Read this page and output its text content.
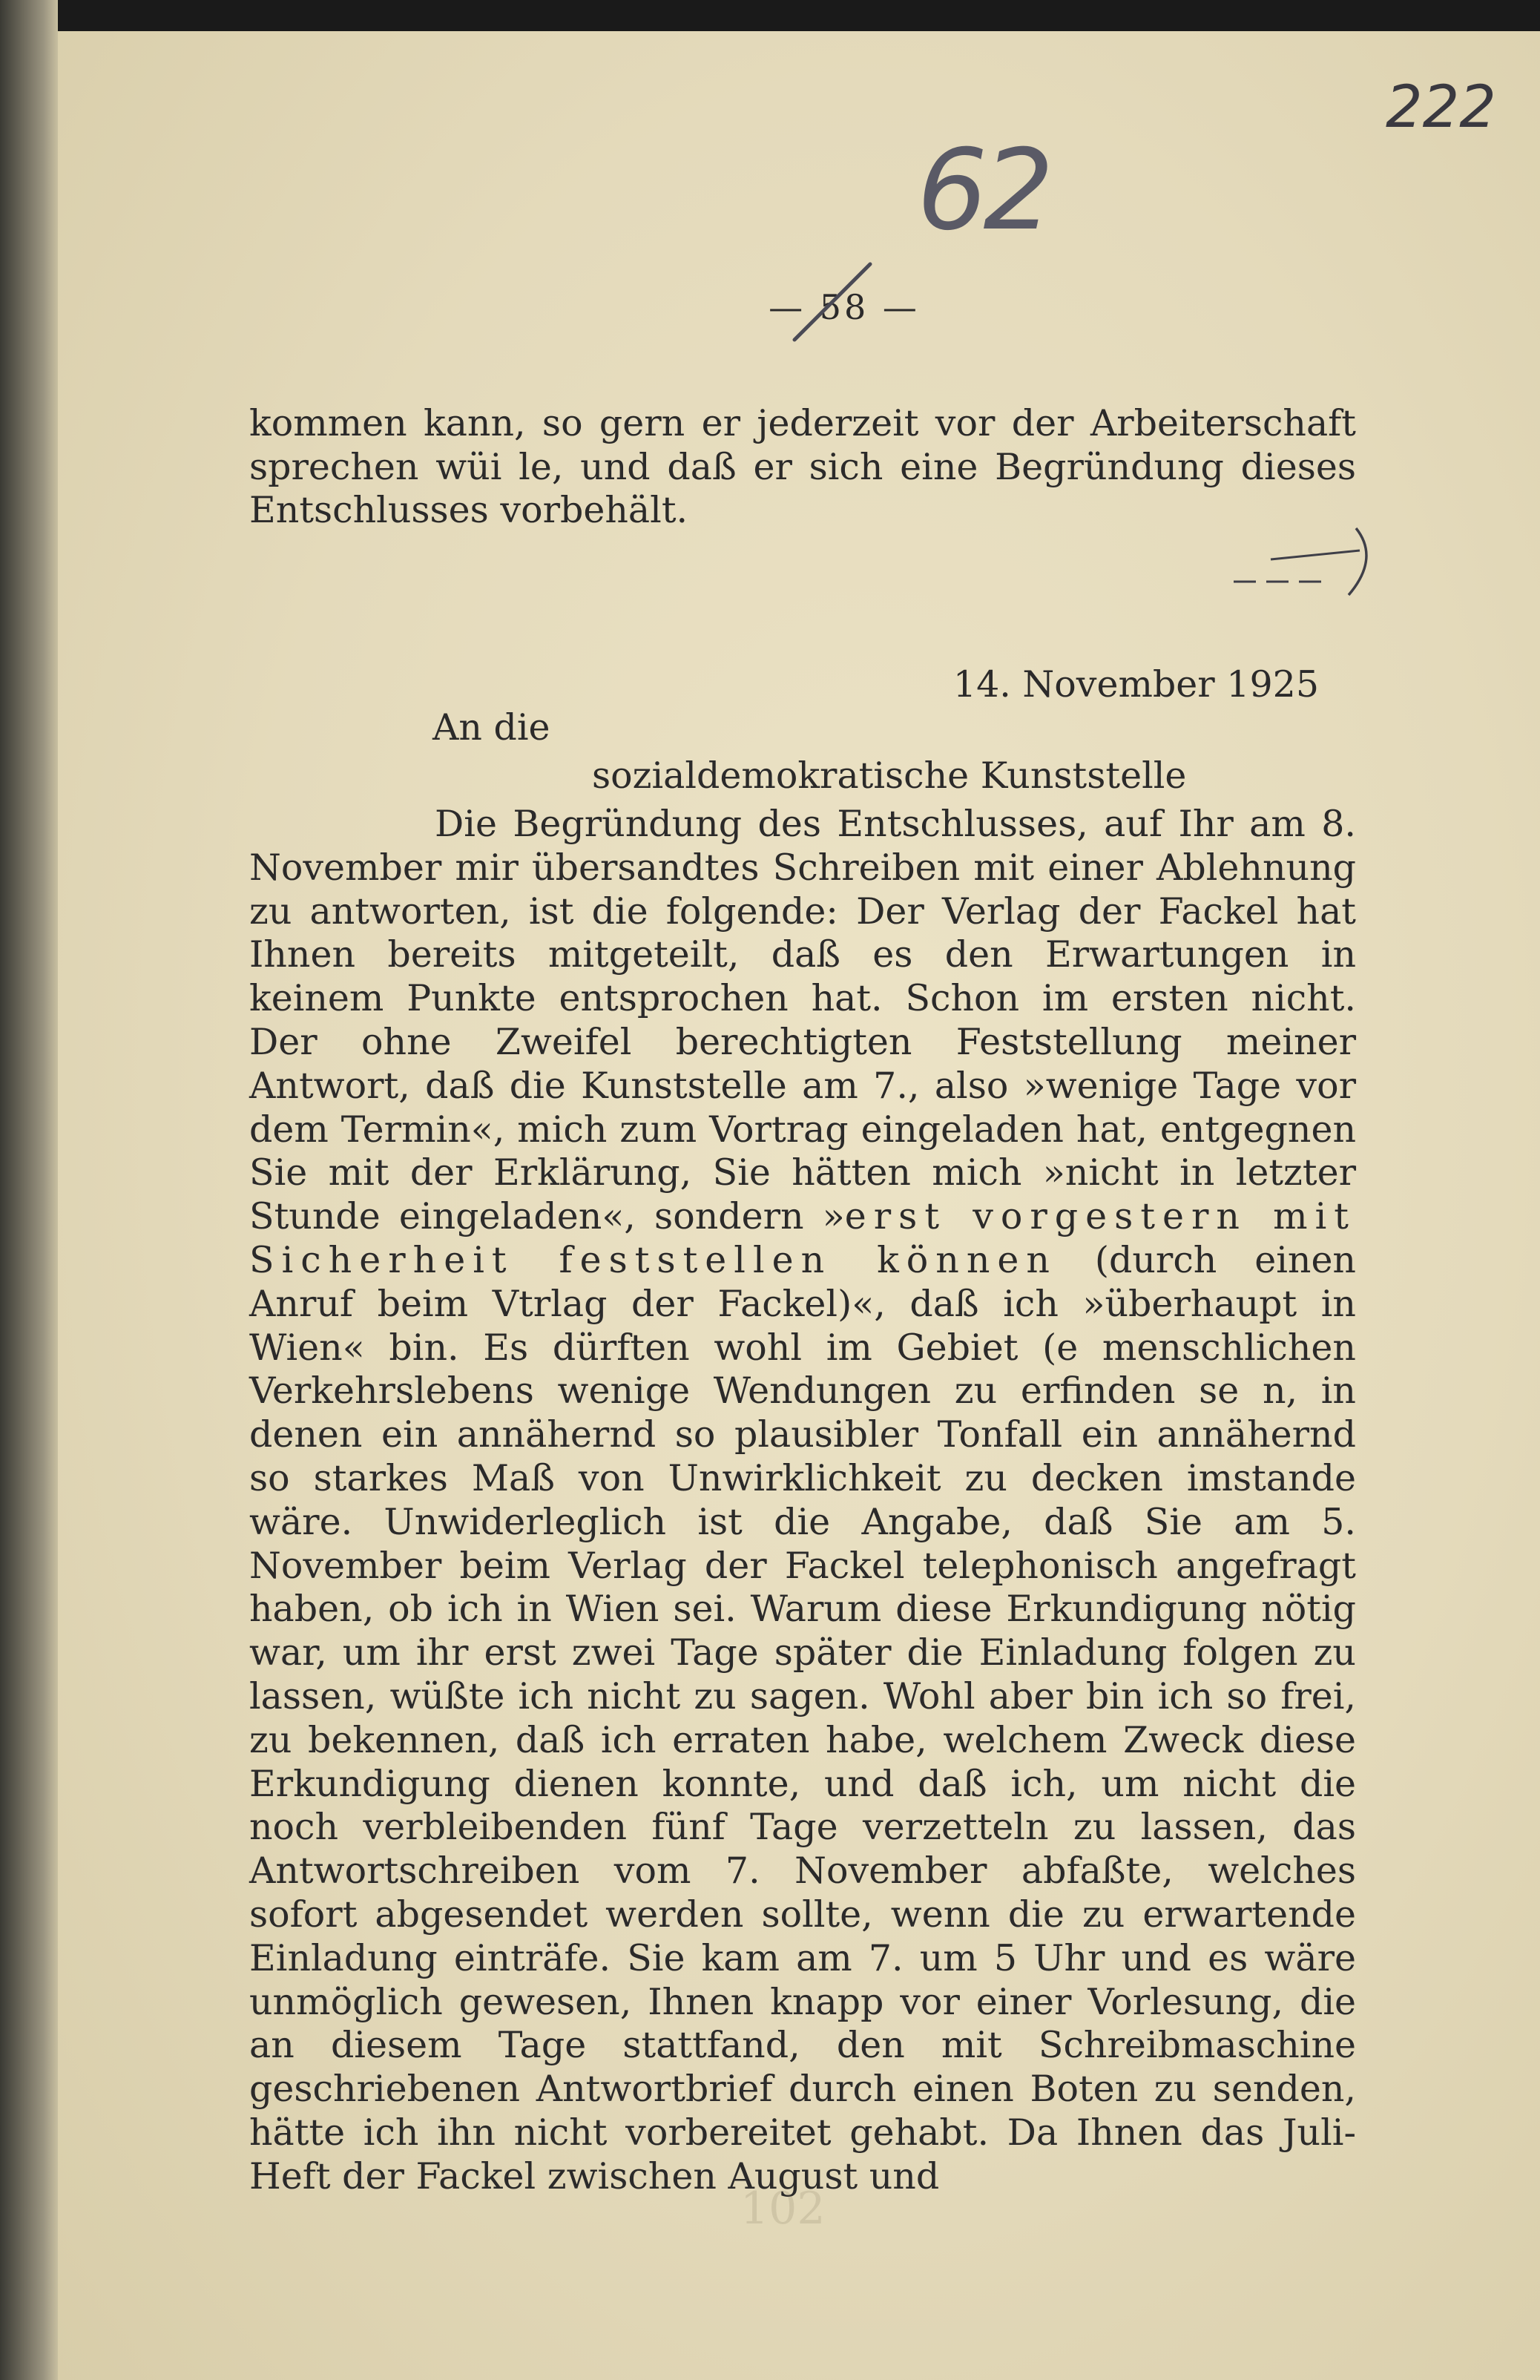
222
62
— 58 —

kommen kann, so gern er jederzeit vor der Arbeiterschaft sprechen wüi le, und daß er sich eine Begründung dieses Entschlusses vorbehält.

14. November 1925
An die
sozialdemokratische Kunststelle

Die Begründung des Entschlusses, auf Ihr am 8. November mir übersandtes Schreiben mit einer Ablehnung zu antworten, ist die folgende: Der Verlag der Fackel hat Ihnen bereits mitgeteilt, daß es den Erwartungen in keinem Punkte entsprochen hat. Schon im ersten nicht. Der ohne Zweifel berechtigten Feststellung meiner Antwort, daß die Kunststelle am 7., also »wenige Tage vor dem Termin«, mich zum Vortrag eingeladen hat, entgegnen Sie mit der Erklärung, Sie hätten mich »nicht in letzter Stunde eingeladen«, sondern »erst vorgestern mit Sicherheit feststellen können (durch einen Anruf beim Vtrlag der Fackel)«, daß ich »überhaupt in Wien« bin. Es dürften wohl im Gebiet (e menschlichen Verkehrslebens wenige Wendungen zu erfinden se n, in denen ein annähernd so plausibler Tonfall ein annähernd so starkes Maß von Unwirklichkeit zu decken imstande wäre. Unwiderleglich ist die Angabe, daß Sie am 5. November beim Verlag der Fackel telephonisch angefragt haben, ob ich in Wien sei. Warum diese Erkundigung nötig war, um ihr erst zwei Tage später die Einladung folgen zu lassen, wüßte ich nicht zu sagen. Wohl aber bin ich so frei, zu bekennen, daß ich erraten habe, welchem Zweck diese Erkundigung dienen konnte, und daß ich, um nicht die noch verbleibenden fünf Tage verzetteln zu lassen, das Antwortschreiben vom 7. November abfaßte, welches sofort abgesendet werden sollte, wenn die zu erwartende Einladung einträfe. Sie kam am 7. um 5 Uhr und es wäre unmöglich gewesen, Ihnen knapp vor einer Vorlesung, die an diesem Tage stattfand, den mit Schreibmaschine geschriebenen Antwortbrief durch einen Boten zu senden, hätte ich ihn nicht vorbereitet gehabt. Da Ihnen das Juli-Heft der Fackel zwischen August und

102
